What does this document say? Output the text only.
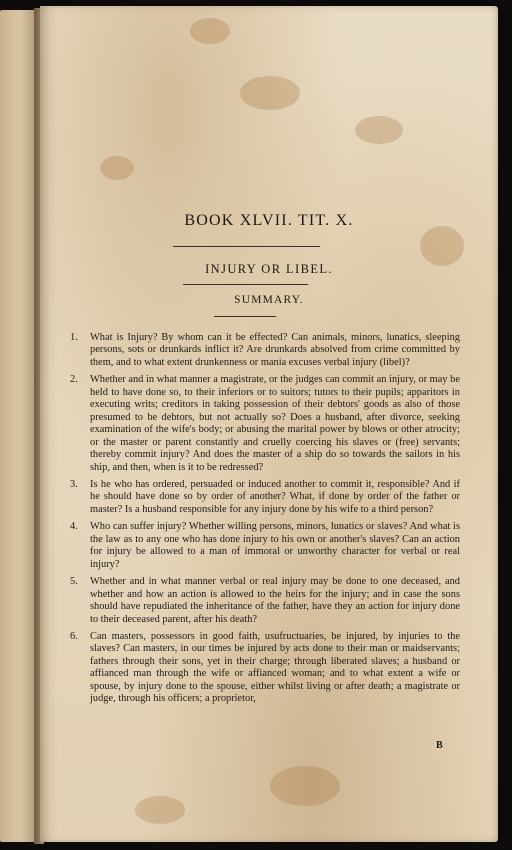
BOOK XLVII. TIT. X.
INJURY OR LIBEL.
SUMMARY.
1. What is Injury? By whom can it be effected? Can animals, minors, lunatics, sleeping persons, sots or drunkards inflict it? Are drunkards absolved from crime committed by them, and to what extent drunkenness or mania excuses verbal injury (libel)?
2. Whether and in what manner a magistrate, or the judges can commit an injury, or may be held to have done so, to their inferiors or to suitors; tutors to their pupils; apparitors in executing writs; creditors in taking possession of their debtors' goods as also of those presumed to be debtors, but not actually so? Does a husband, after divorce, seeking examination of the wife's body; or abusing the marital power by blows or other atrocity; or the master or parent constantly and cruelly coercing his slaves or (free) servants; thereby commit injury? And does the master of a ship do so towards the sailors in his ship, and then, when is it to be redressed?
3. Is he who has ordered, persuaded or induced another to commit it, responsible? And if he should have done so by order of another? What, if done by order of the father or master? Is a husband responsible for any injury done by his wife to a third person?
4. Who can suffer injury? Whether willing persons, minors, lunatics or slaves? And what is the law as to any one who has done injury to his own or another's slaves? Can an action for injury be allowed to a man of immoral or unworthy character for verbal or real injury?
5. Whether and in what manner verbal or real injury may be done to one deceased, and whether and how an action is allowed to the heirs for the injury; and in case the sons should have repudiated the inheritance of the father, have they an action for injury done to their deceased parent, after his death?
6. Can masters, possessors in good faith, usufructuaries, be injured, by injuries to the slaves? Can masters, in our times be injured by acts done to their man or maidservants; fathers through their sons, yet in their charge; through liberated slaves; a husband or affianced man through the wife or affianced woman; and to what extent a wife or spouse, by injury done to the spouse, either whilst living or after death; a magistrate or judge, through his officers; a proprietor,
B
